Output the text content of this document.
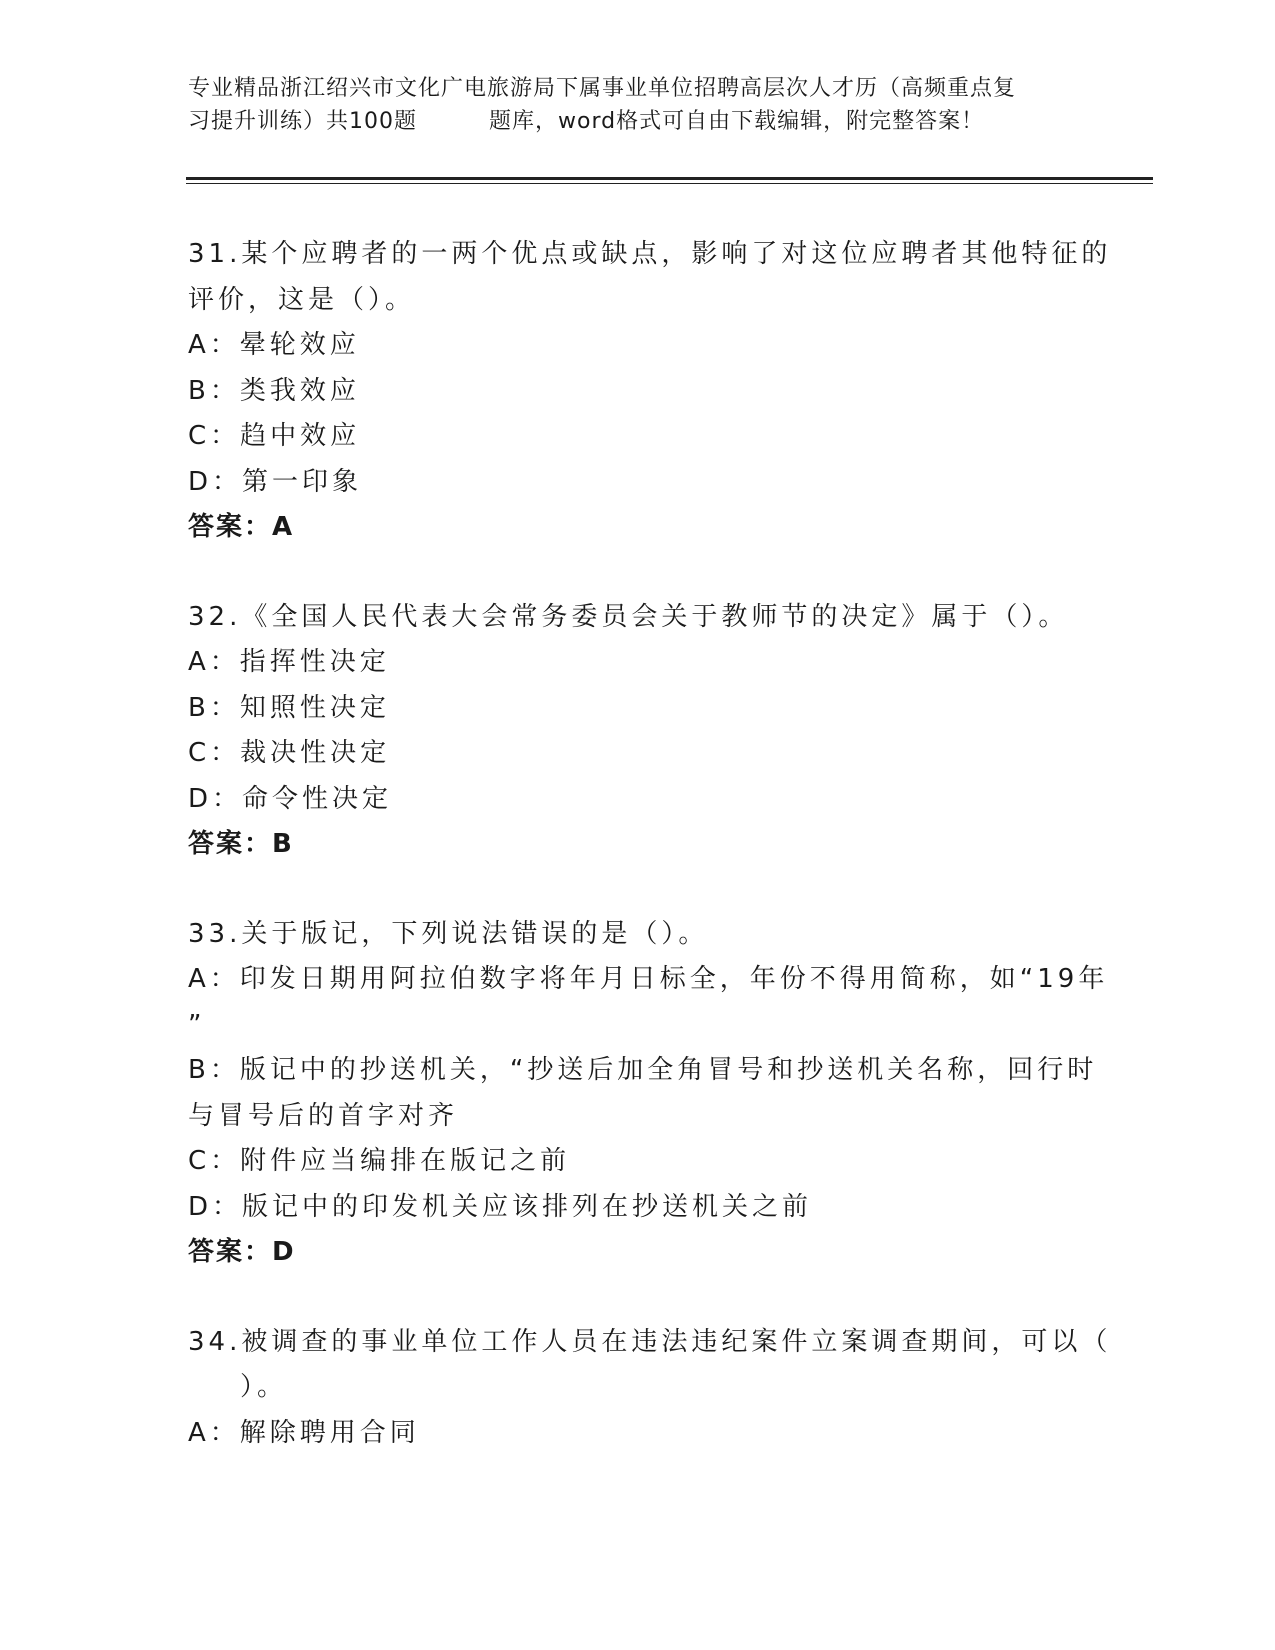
专业精品浙江绍兴市文化广电旅游局下属事业单位招聘高层次人才历（高频重点复
习提升训练）共100题	题库，word格式可自由下载编辑，附完整答案！
31.某个应聘者的一两个优点或缺点，影响了对这位应聘者其他特征的
评价，这是（）。
A：晕轮效应
B：类我效应
C：趋中效应
D：第一印象
答案：A
32.《全国人民代表大会常务委员会关于教师节的决定》属于（）。
A：指挥性决定
B：知照性决定
C：裁决性决定
D：命令性决定
答案：B
33.关于版记，下列说法错误的是（）。
A：印发日期用阿拉伯数字将年月日标全，年份不得用简称，如“19年
”
B：版记中的抄送机关，“抄送后加全角冒号和抄送机关名称，回行时
与冒号后的首字对齐
C：附件应当编排在版记之前
D：版记中的印发机关应该排列在抄送机关之前
答案：D
34.被调查的事业单位工作人员在违法违纪案件立案调查期间，可以（
）。
A：解除聘用合同
